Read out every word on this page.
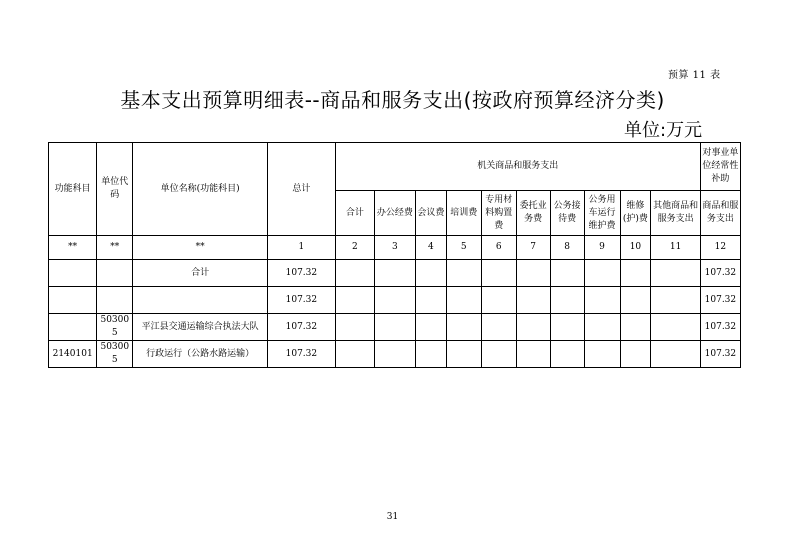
预算 11 表
基本支出预算明细表--商品和服务支出(按政府预算经济分类)
单位:万元
功能科目	单位代码	单位名称(功能科目)	总计	机关商品和服务支出										对事业单位经常性补助
				合计	办公经费	会议费	培训费	专用材料购置费	委托业务费	公务接待费	公务用车运行维护费	维修(护)费	其他商品和服务支出	商品和服务支出
**	**	**	1	2	3	4	5	6	7	8	9	10	11	12
		合计	107.32											107.32
			107.32											107.32
	503005	平江县交通运输综合执法大队	107.32											107.32
2140101	503005	行政运行（公路水路运输）	107.32											107.32
31
